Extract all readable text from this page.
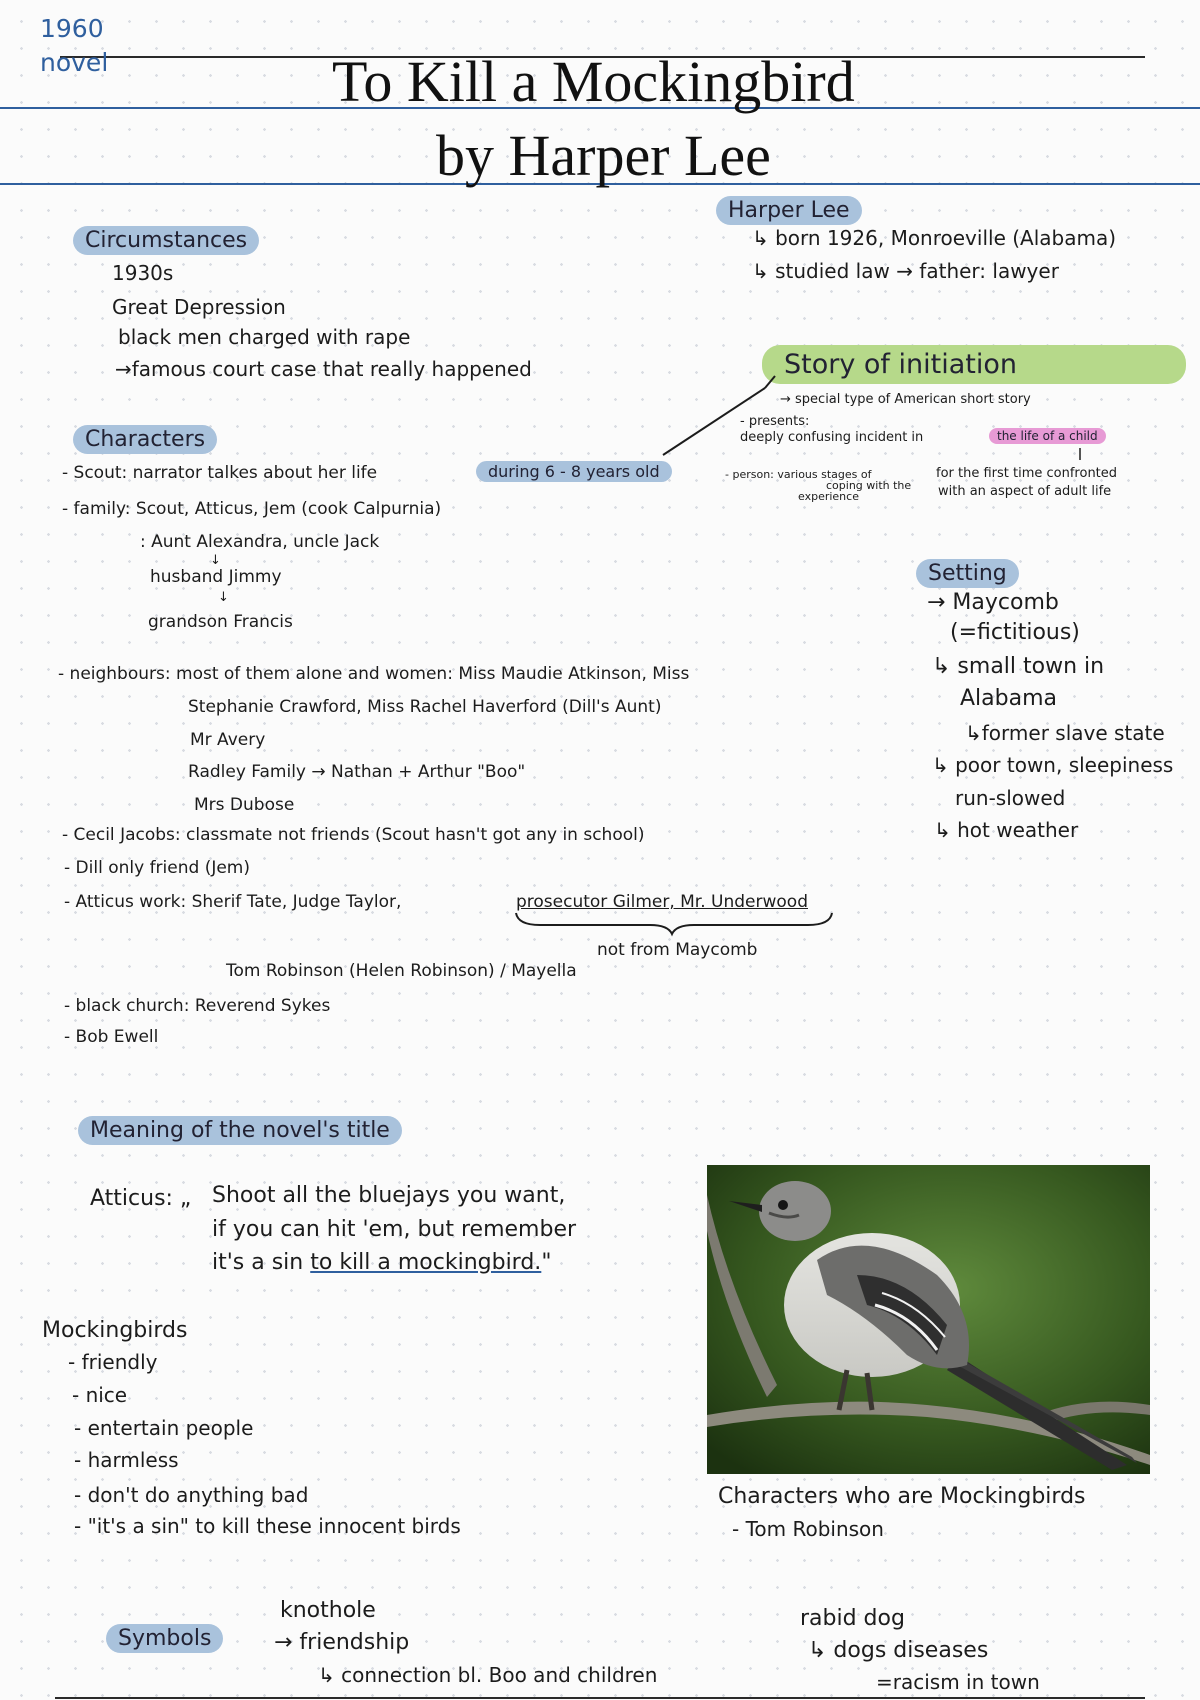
1960
novel	To Kill a Mockingbird
by Harper Lee
Circumstances
1930s
Great Depression
black men charged with rape
→famous court case that really happened
Harper Lee
↳ born 1926, Monroeville (Alabama)
↳ studied law → father: lawyer
Story of initiation
→ special type of American short story
- presents:
deeply confusing incident in	the life of a child
- person: various stages of
coping with the
experience
for the first time confronted
with an aspect of adult life
Characters
- Scout: narrator talkes about her life	during 6 - 8 years old
- family: Scout, Atticus, Jem (cook Calpurnia)
: Aunt Alexandra, uncle Jack
↓
husband Jimmy
↓
grandson Francis
- neighbours: most of them alone and women: Miss Maudie Atkinson, Miss
Stephanie Crawford, Miss Rachel Haverford (Dill's Aunt)
Mr Avery
Radley Family → Nathan + Arthur "Boo"
Mrs Dubose
- Cecil Jacobs: classmate not friends (Scout hasn't got any in school)
- Dill only friend (Jem)
- Atticus work: Sherif Tate, Judge Taylor,	prosecutor Gilmer, Mr. Underwood
not from Maycomb
Tom Robinson (Helen Robinson) / Mayella
- black church: Reverend Sykes
- Bob Ewell
Setting
→ Maycomb
(=fictitious)
↳ small town in
Alabama
↳former slave state
↳ poor town, sleepiness
run-slowed
↳ hot weather
Meaning of the novel's title
Atticus: „ Shoot all the bluejays you want,
if you can hit 'em, but remember
it's a sin to kill a mockingbird."
Mockingbirds
- friendly
- nice
- entertain people
- harmless
- don't do anything bad
- "it's a sin" to kill these innocent birds
Characters who are Mockingbirds
- Tom Robinson
Symbols
knothole
→ friendship
↳ connection bl. Boo and children
rabid dog
↳ dogs diseases
=racism in town
